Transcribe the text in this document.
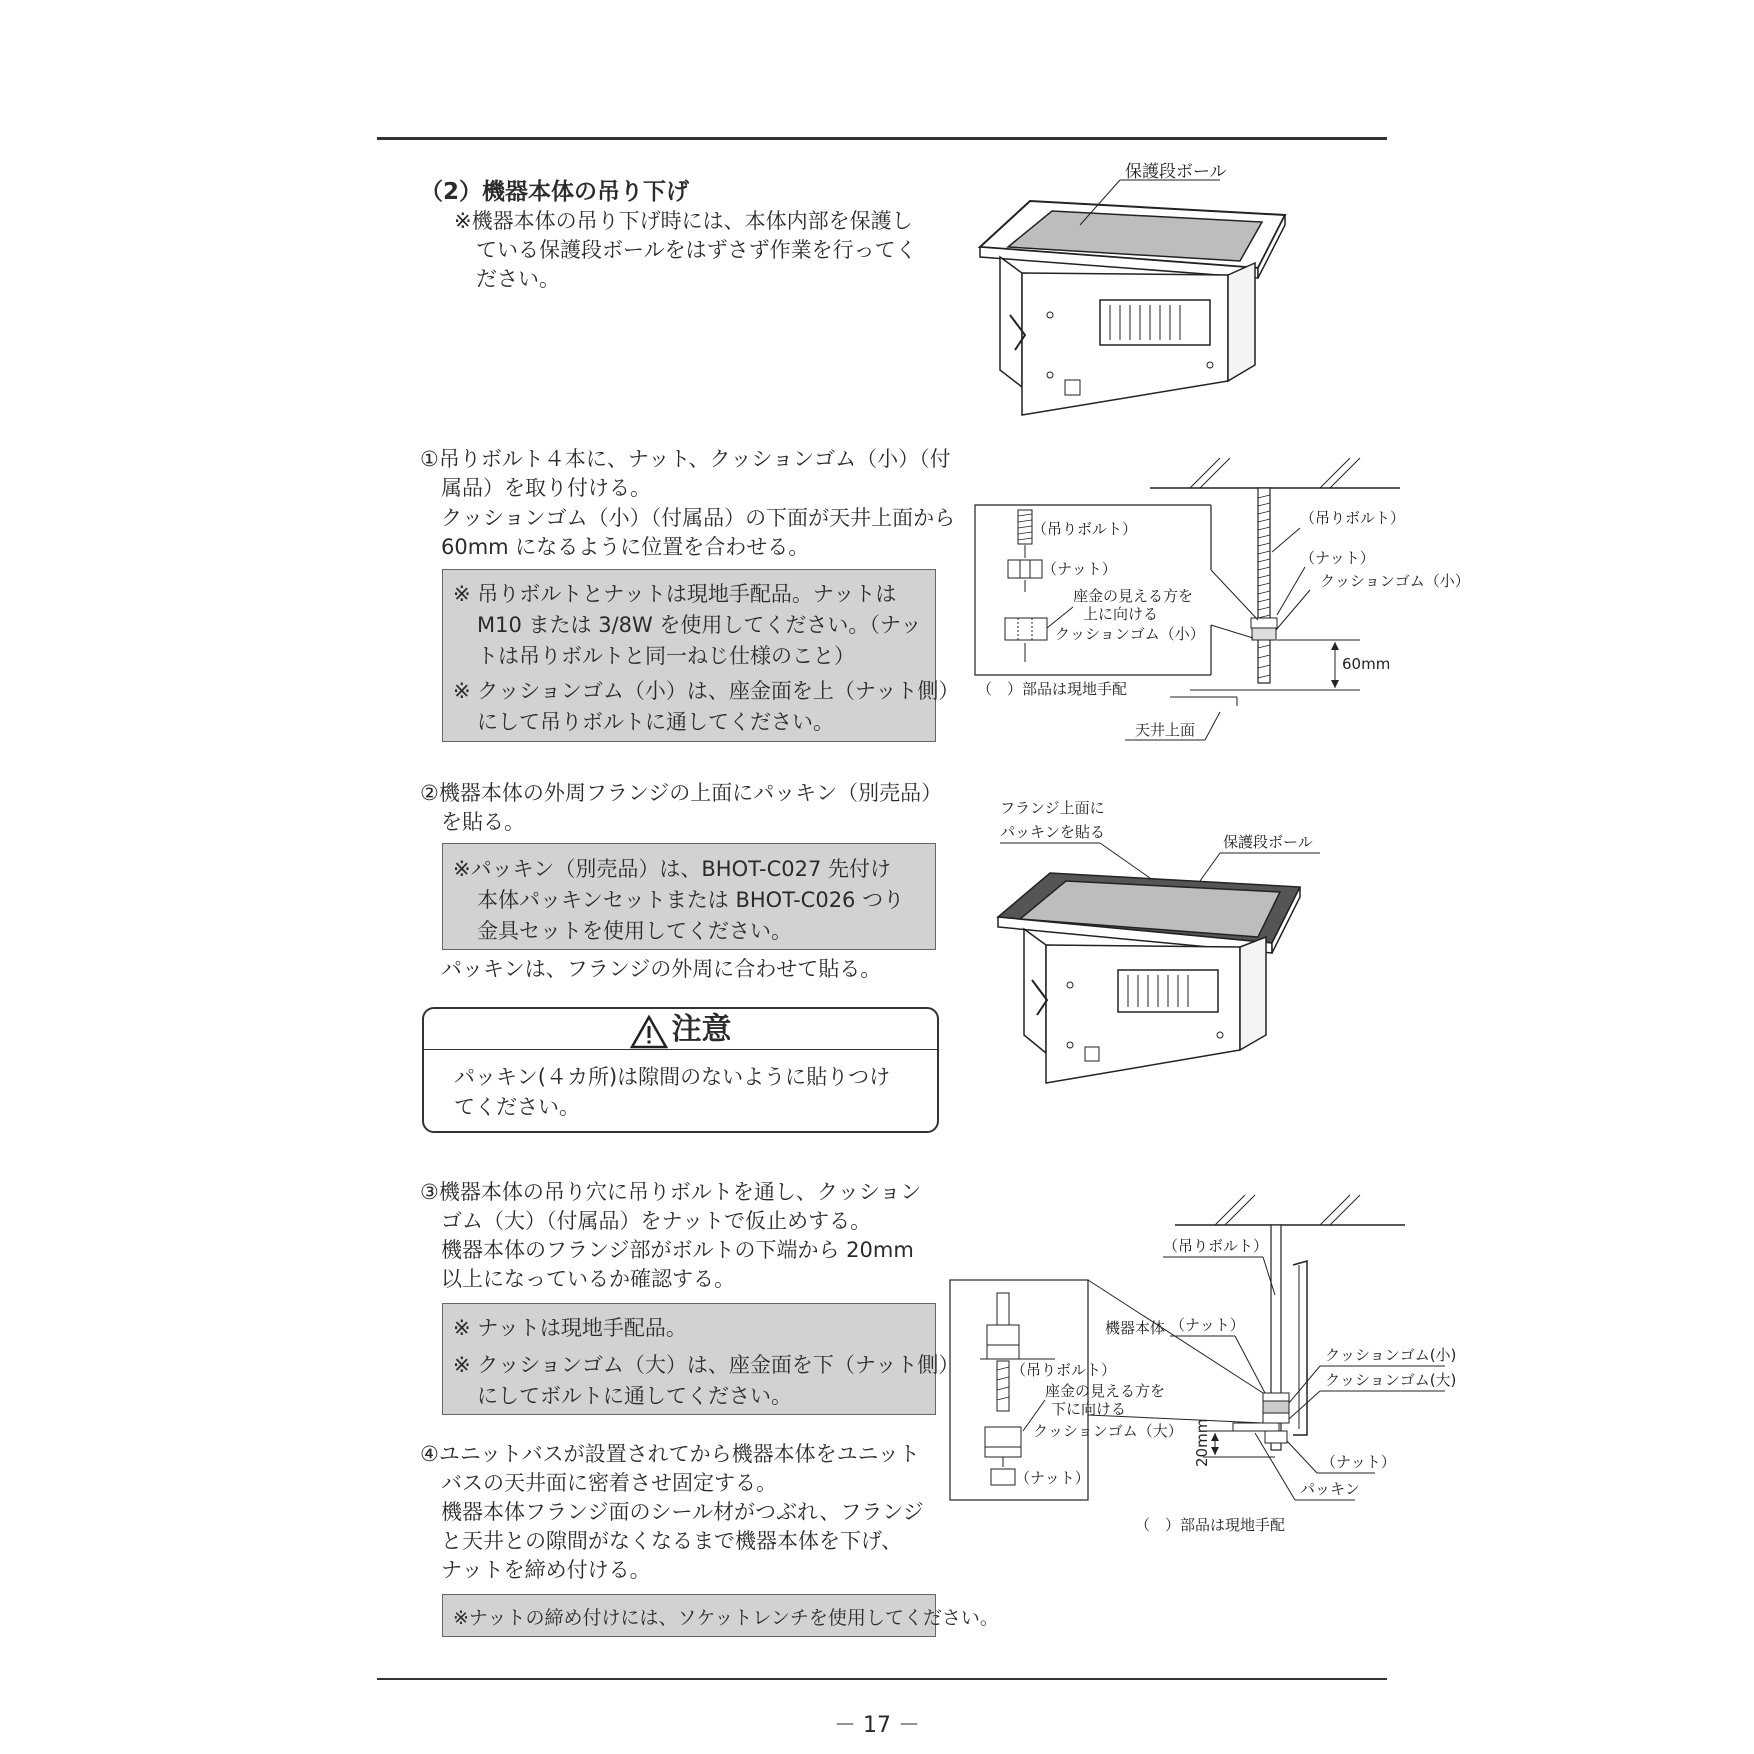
（2）機器本体の吊り下げ
※機器本体の吊り下げ時には、本体内部を保護し
ている保護段ボールをはずさず作業を行ってく
ださい。
①吊りボルト４本に、ナット、クッションゴム（小）（付
属品）を取り付ける。
クッションゴム（小）（付属品）の下面が天井上面から
60mm になるように位置を合わせる。
※ 吊りボルトとナットは現地手配品。ナットは
M10 または 3/8W を使用してください。（ナッ
トは吊りボルトと同一ねじ仕様のこと）
※ クッションゴム（小）は、座金面を上（ナット側）
にして吊りボルトに通してください。
②機器本体の外周フランジの上面にパッキン（別売品）
を貼る。
※パッキン（別売品）は、BHOT-C027 先付け
本体パッキンセットまたは BHOT-C026 つり
金具セットを使用してください。
パッキンは、フランジの外周に合わせて貼る。
注意
パッキン(４カ所)は隙間のないように貼りつけ
てください。
③機器本体の吊り穴に吊りボルトを通し、クッション
ゴム（大）（付属品）をナットで仮止めする。
機器本体のフランジ部がボルトの下端から 20mm
以上になっているか確認する。
※ ナットは現地手配品。
※ クッションゴム（大）は、座金面を下（ナット側）
にしてボルトに通してください。
④ユニットバスが設置されてから機器本体をユニット
バスの天井面に密着させ固定する。
機器本体フランジ面のシール材がつぶれ、フランジ
と天井との隙間がなくなるまで機器本体を下げ、
ナットを締め付ける。
※ナットの締め付けには、ソケットレンチを使用してください。
保護段ボール
60mm
天井上面
（吊りボルト）
（ナット）
クッションゴム（小）
（吊りボルト）
（ナット）
座金の見える方を
上に向ける
クッションゴム（小）
（　）部品は現地手配
フランジ上面に
パッキンを貼る
保護段ボール
20mm
（吊りボルト）
（ナット）
クッションゴム(小)
クッションゴム(大)
（ナット）
パッキン
（　）部品は現地手配
機器本体
（吊りボルト）
座金の見える方を
下に向ける
クッションゴム（大）
（ナット）
－ 17 －
